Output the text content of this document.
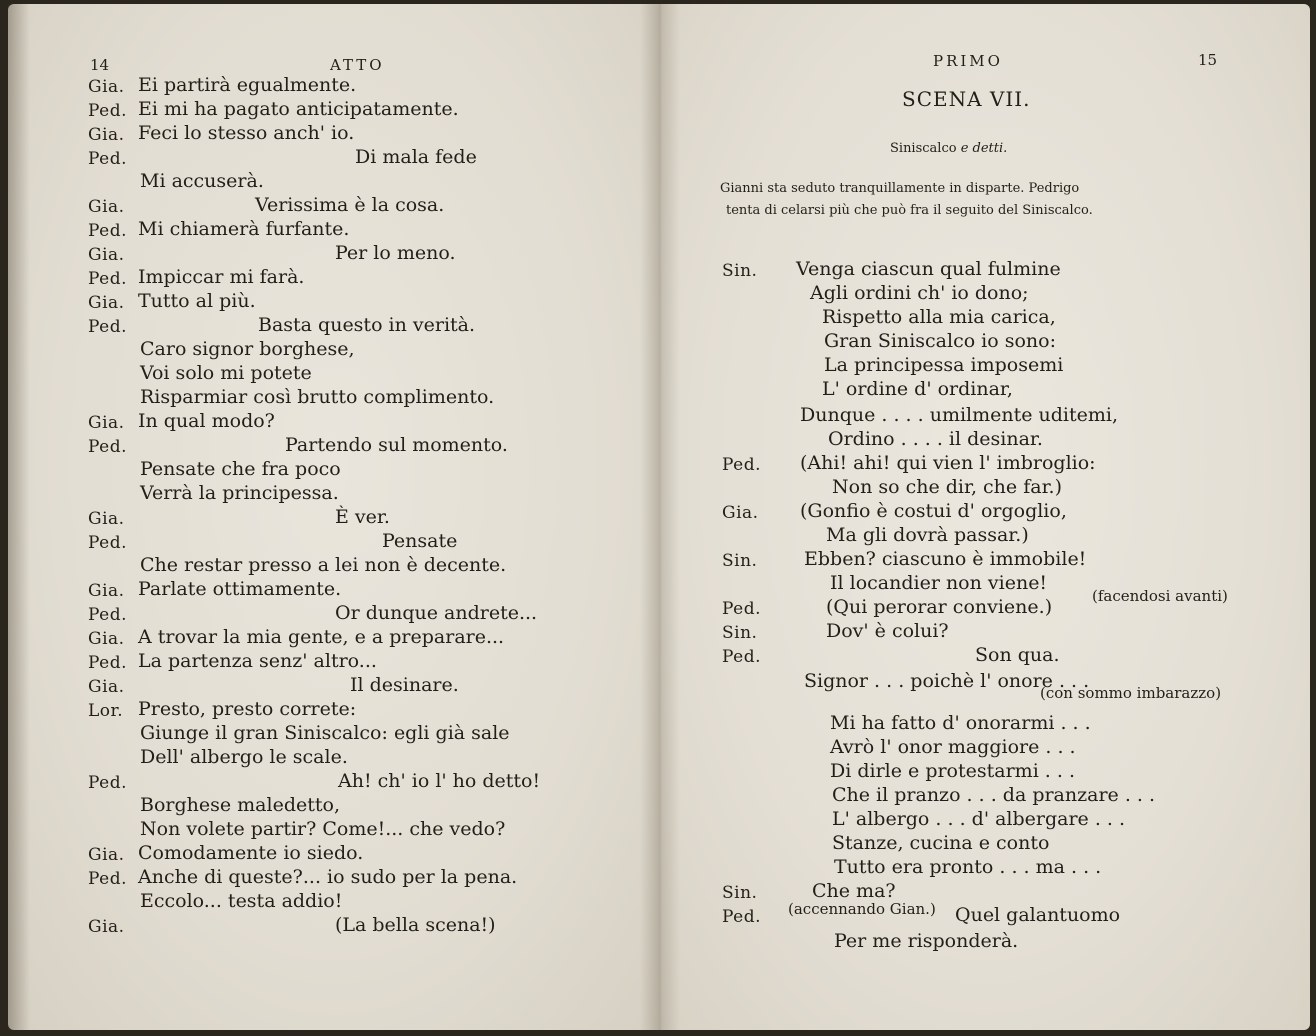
14	ATTO
Gia. Ei partirà egualmente.
Ped. Ei mi ha pagato anticipatamente.
Gia. Feci lo stesso anch' io.
Ped.	Di mala fede
Mi accuserà.
Gia.	Verissima è la cosa.
Ped. Mi chiamerà furfante.
Gia.	Per lo meno.
Ped. Impiccar mi farà.
Gia. Tutto al più.
Ped.	Basta questo in verità.
Caro signor borghese,
Voi solo mi potete
Risparmiar così brutto complimento.
Gia. In qual modo?
Ped.	Partendo sul momento.
Pensate che fra poco
Verrà la principessa.
Gia.	È ver.
Ped.	Pensate
Che restar presso a lei non è decente.
Gia. Parlate ottimamente.
Ped.	Or dunque andrete...
Gia. A trovar la mia gente, e a preparare...
Ped. La partenza senz' altro...
Gia.	Il desinare.
Lor. Presto, presto correte:
Giunge il gran Siniscalco: egli già sale
Dell' albergo le scale.
Ped.	Ah! ch' io l' ho detto!
Borghese maledetto,
Non volete partir? Come!... che vedo?
Gia. Comodamente io siedo.
Ped. Anche di queste?... io sudo per la pena.
Eccolo... testa addio!
Gia.	(La bella scena!)
PRIMO	15
SCENA VII.
Siniscalco e detti.
Gianni sta seduto tranquillamente in disparte. Pedrigo
tenta di celarsi più che può fra il seguito del Siniscalco.
Sin. Venga ciascun qual fulmine
Agli ordini ch' io dono;
Rispetto alla mia carica,
Gran Siniscalco io sono:
La principessa imposemi
L' ordine d' ordinar,
Dunque . . . . umilmente uditemi,
Ordino . . . . il desinar.
Ped. (Ahi! ahi! qui vien l' imbroglio:
Non so che dir, che far.)
Gia. (Gonfio è costui d' orgoglio,
Ma gli dovrà passar.)
Sin. Ebben? ciascuno è immobile!
Il locandier non viene!
Ped.	(Qui perorar conviene.)
Sin.	Dov' è colui?
Ped.	Son qua.
Signor . . . poichè l' onore . . .
Mi ha fatto d' onorarmi . . .
Avrò l' onor maggiore . . .
Di dirle e protestarmi . . .
Che il pranzo . . . da pranzare . . .
L' albergo . . . d' albergare . . .
Stanze, cucina e conto
Tutto era pronto . . . ma . . .
Sin.	Che ma?
Ped.	Quel galantuomo
Per me risponderà.
(facendosi avanti)
(con sommo imbarazzo)
(accennando Gian.)
